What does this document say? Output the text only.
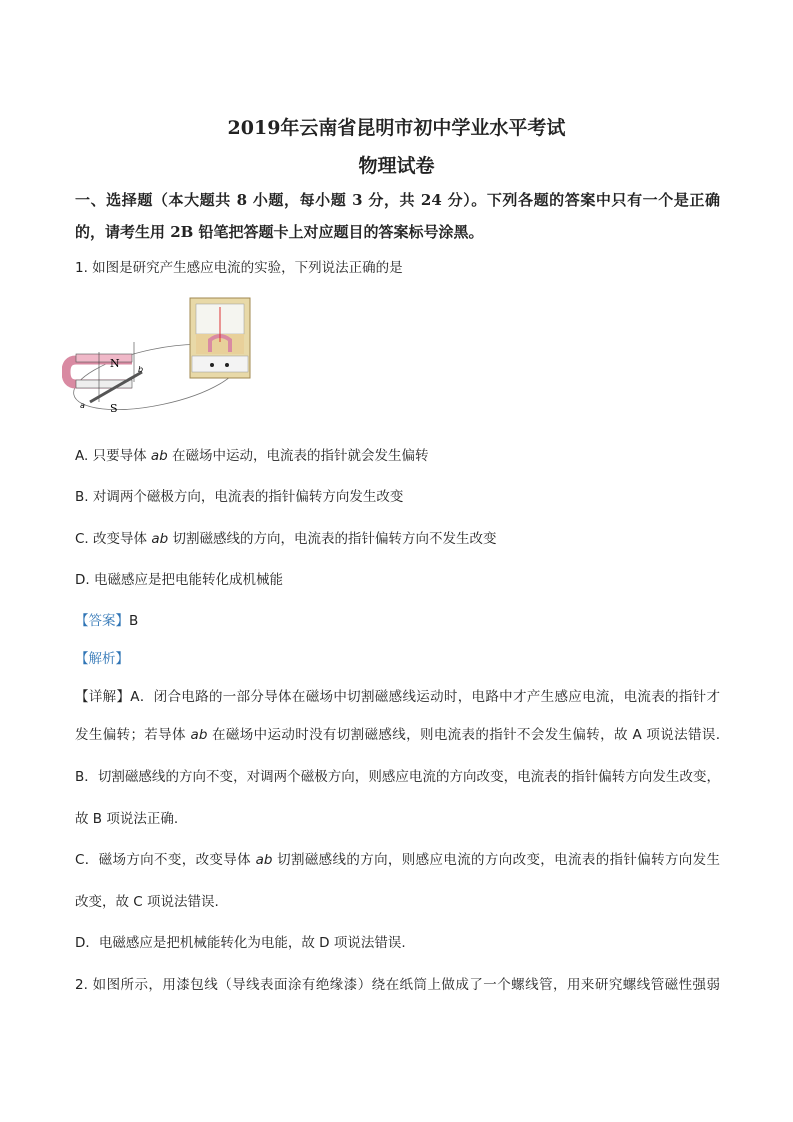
2019年云南省昆明市初中学业水平考试
物理试卷
一、选择题（本大题共 8 小题，每小题 3 分，共 24 分）。下列各题的答案中只有一个是正确
的，请考生用 2B 铅笔把答题卡上对应题目的答案标号涂黑。
1. 如图是研究产生感应电流的实验，下列说法正确的是
N
S
a
b
A. 只要导体 ab 在磁场中运动，电流表的指针就会发生偏转
B. 对调两个磁极方向，电流表的指针偏转方向发生改变
C. 改变导体 ab 切割磁感线的方向，电流表的指针偏转方向不发生改变
D. 电磁感应是把电能转化成机械能
【答案】B
【解析】
【详解】A．闭合电路的一部分导体在磁场中切割磁感线运动时，电路中才产生感应电流，电流表的指针才
发生偏转；若导体 ab 在磁场中运动时没有切割磁感线，则电流表的指针不会发生偏转，故 A 项说法错误.
B．切割磁感线的方向不变，对调两个磁极方向，则感应电流的方向改变，电流表的指针偏转方向发生改变，
故 B 项说法正确.
C．磁场方向不变，改变导体 ab 切割磁感线的方向，则感应电流的方向改变，电流表的指针偏转方向发生
改变，故 C 项说法错误.
D．电磁感应是把机械能转化为电能，故 D 项说法错误.
2. 如图所示，用漆包线（导线表面涂有绝缘漆）绕在纸筒上做成了一个螺线管，用来研究螺线管磁性强弱
